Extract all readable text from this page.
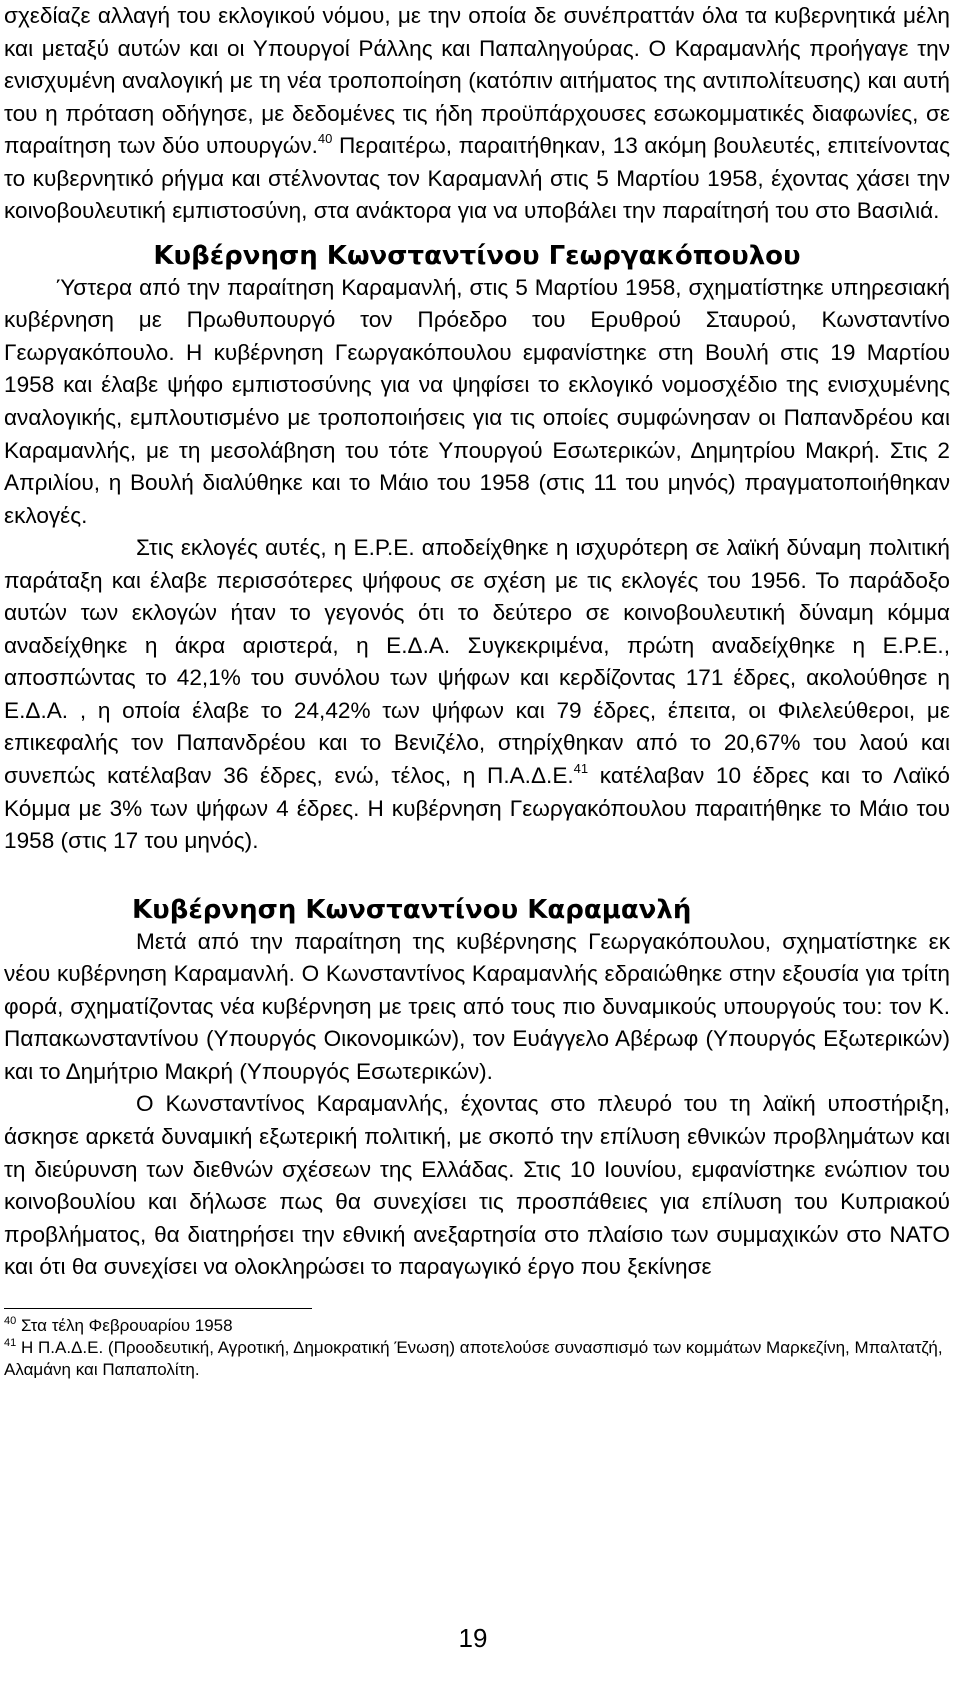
σχεδίαζε αλλαγή του εκλογικού νόμου, με την οποία δε συνέπραττάν όλα τα κυβερνητικά μέλη και μεταξύ αυτών και οι Υπουργοί Ράλλης και Παπαληγούρας. Ο Καραμανλής προήγαγε την ενισχυμένη αναλογική με τη νέα τροποποίηση (κατόπιν αιτήματος της αντιπολίτευσης) και αυτή του η πρόταση οδήγησε, με δεδομένες τις ήδη προϋπάρχουσες εσωκομματικές διαφωνίες, σε παραίτηση των δύο υπουργών.$^{40}$ Περαιτέρω, παραιτήθηκαν, 13 ακόμη βουλευτές, επιτείνοντας το κυβερνητικό ρήγμα και στέλνοντας τον Καραμανλή στις 5 Μαρτίου 1958, έχοντας χάσει την κοινοβουλευτική εμπιστοσύνη, στα ανάκτορα για να υποβάλει την παραίτησή του στο Βασιλιά.

Κυβέρνηση Κωνσταντίνου Γεωργακόπουλου

Ύστερα από την παραίτηση Καραμανλή, στις 5 Μαρτίου 1958, σχηματίστηκε υπηρεσιακή κυβέρνηση με Πρωθυπουργό τον Πρόεδρο του Ερυθρού Σταυρού, Κωνσταντίνο Γεωργακόπουλο. Η κυβέρνηση Γεωργακόπουλου εμφανίστηκε στη Βουλή στις 19 Μαρτίου 1958 και έλαβε ψήφο εμπιστοσύνης για να ψηφίσει το εκλογικό νομοσχέδιο της ενισχυμένης αναλογικής, εμπλουτισμένο με τροποποιήσεις για τις οποίες συμφώνησαν οι Παπανδρέου και Καραμανλής, με τη μεσολάβηση του τότε Υπουργού Εσωτερικών, Δημητρίου Μακρή. Στις 2 Απριλίου, η Βουλή διαλύθηκε και το Μάιο του 1958 (στις 11 του μηνός) πραγματοποιήθηκαν εκλογές.

Στις εκλογές αυτές, η Ε.Ρ.Ε. αποδείχθηκε η ισχυρότερη σε λαϊκή δύναμη πολιτική παράταξη και έλαβε περισσότερες ψήφους σε σχέση με τις εκλογές του 1956. Το παράδοξο αυτών των εκλογών ήταν το γεγονός ότι το δεύτερο σε κοινοβουλευτική δύναμη κόμμα αναδείχθηκε η άκρα αριστερά, η Ε.Δ.Α. Συγκεκριμένα, πρώτη αναδείχθηκε η Ε.Ρ.Ε., αποσπώντας το 42,1% του συνόλου των ψήφων και κερδίζοντας 171 έδρες, ακολούθησε η Ε.Δ.Α. , η οποία έλαβε το 24,42% των ψήφων και 79 έδρες, έπειτα, οι Φιλελεύθεροι, με επικεφαλής τον Παπανδρέου και το Βενιζέλο, στηρίχθηκαν από το 20,67% του λαού και συνεπώς κατέλαβαν 36 έδρες, ενώ, τέλος, η Π.Α.Δ.Ε.$^{41}$ κατέλαβαν 10 έδρες και το Λαϊκό Κόμμα με 3% των ψήφων 4 έδρες. Η κυβέρνηση Γεωργακόπουλου παραιτήθηκε το Μάιο του 1958 (στις 17 του μηνός).

Κυβέρνηση Κωνσταντίνου Καραμανλή

Μετά από την παραίτηση της κυβέρνησης Γεωργακόπουλου, σχηματίστηκε εκ νέου κυβέρνηση Καραμανλή. Ο Κωνσταντίνος Καραμανλής εδραιώθηκε στην εξουσία για τρίτη φορά, σχηματίζοντας νέα κυβέρνηση με τρεις από τους πιο δυναμικούς υπουργούς του: τον Κ. Παπακωνσταντίνου (Υπουργός Οικονομικών), τον Ευάγγελο Αβέρωφ (Υπουργός Εξωτερικών) και το Δημήτριο Μακρή (Υπουργός Εσωτερικών).

Ο Κωνσταντίνος Καραμανλής, έχοντας στο πλευρό του τη λαϊκή υποστήριξη, άσκησε αρκετά δυναμική εξωτερική πολιτική, με σκοπό την επίλυση εθνικών προβλημάτων και τη διεύρυνση των διεθνών σχέσεων της Ελλάδας. Στις 10 Ιουνίου, εμφανίστηκε ενώπιον του κοινοβουλίου και δήλωσε πως θα συνεχίσει τις προσπάθειες για επίλυση του Κυπριακού προβλήματος, θα διατηρήσει την εθνική ανεξαρτησία στο πλαίσιο των συμμαχικών στο ΝΑΤΟ και ότι θα συνεχίσει να ολοκληρώσει το παραγωγικό έργο που ξεκίνησε

$^{40}$ Στα τέλη Φεβρουαρίου 1958

$^{41}$ Η Π.Α.Δ.Ε. (Προοδευτική, Αγροτική, Δημοκρατική Ένωση) αποτελούσε συνασπισμό των κομμάτων Μαρκεζίνη, Μπαλτατζή, Αλαμάνη και Παπαπολίτη.

19
